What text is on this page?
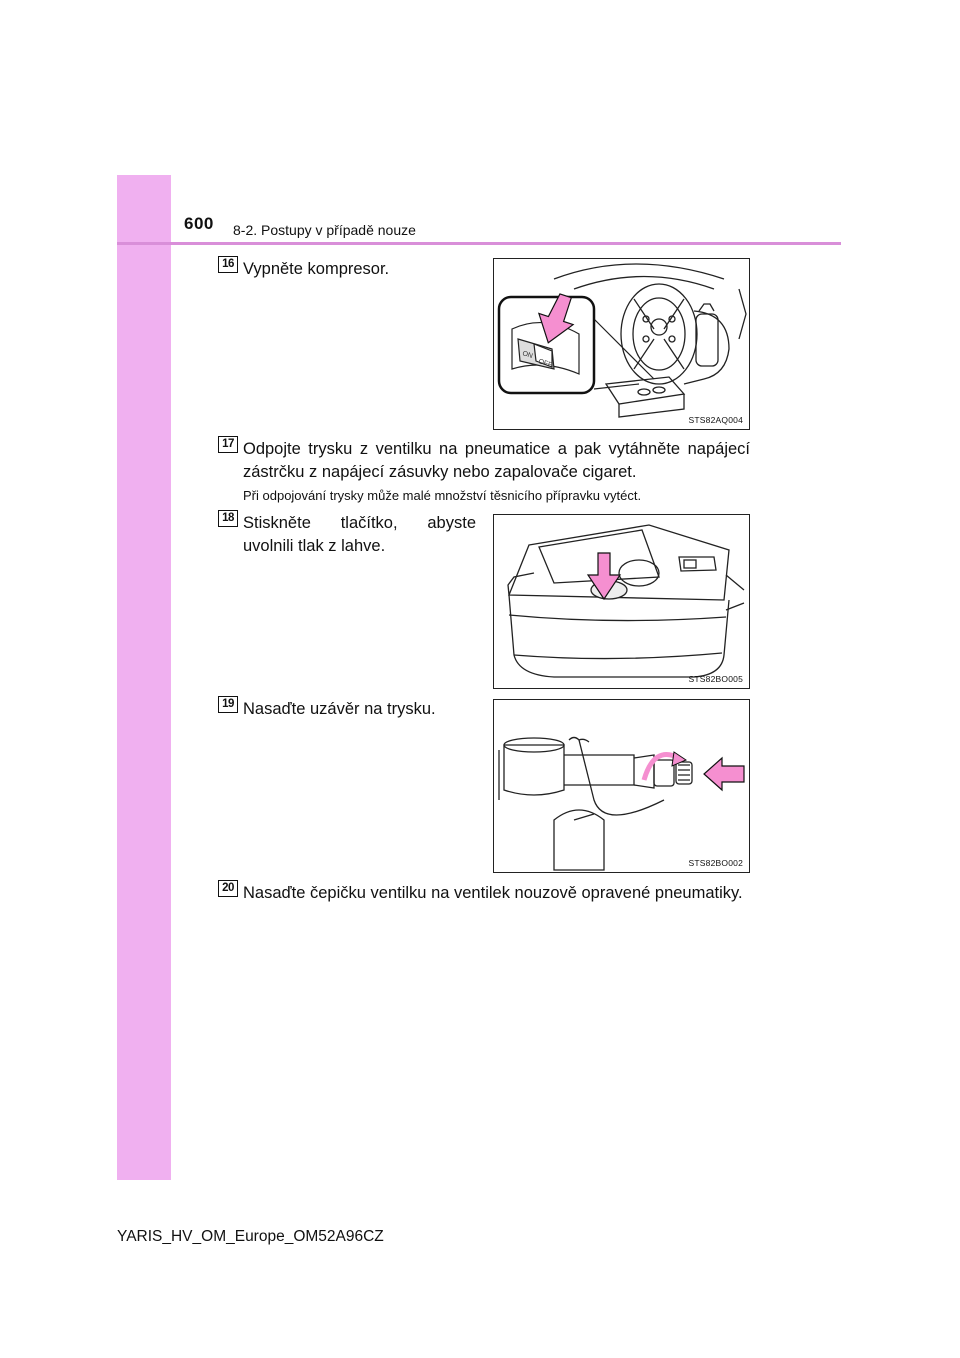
600 8-2. Postupy v případě nouze
16 Vypněte kompresor.
ON
OFF
STS82AQ004
17 Odpojte trysku z ventilku na pneumatice a pak vytáhněte napájecí zástrčku z napájecí zásuvky nebo zapalovače cigaret.
Při odpojování trysky může malé množství těsnicího přípravku vytéct.
18 Stiskněte tlačítko, abyste uvolnili tlak z lahve.
STS82BO005
19 Nasaďte uzávěr na trysku.
STS82BO002
20 Nasaďte čepičku ventilku na ventilek nouzově opravené pneumatiky.
YARIS_HV_OM_Europe_OM52A96CZ
